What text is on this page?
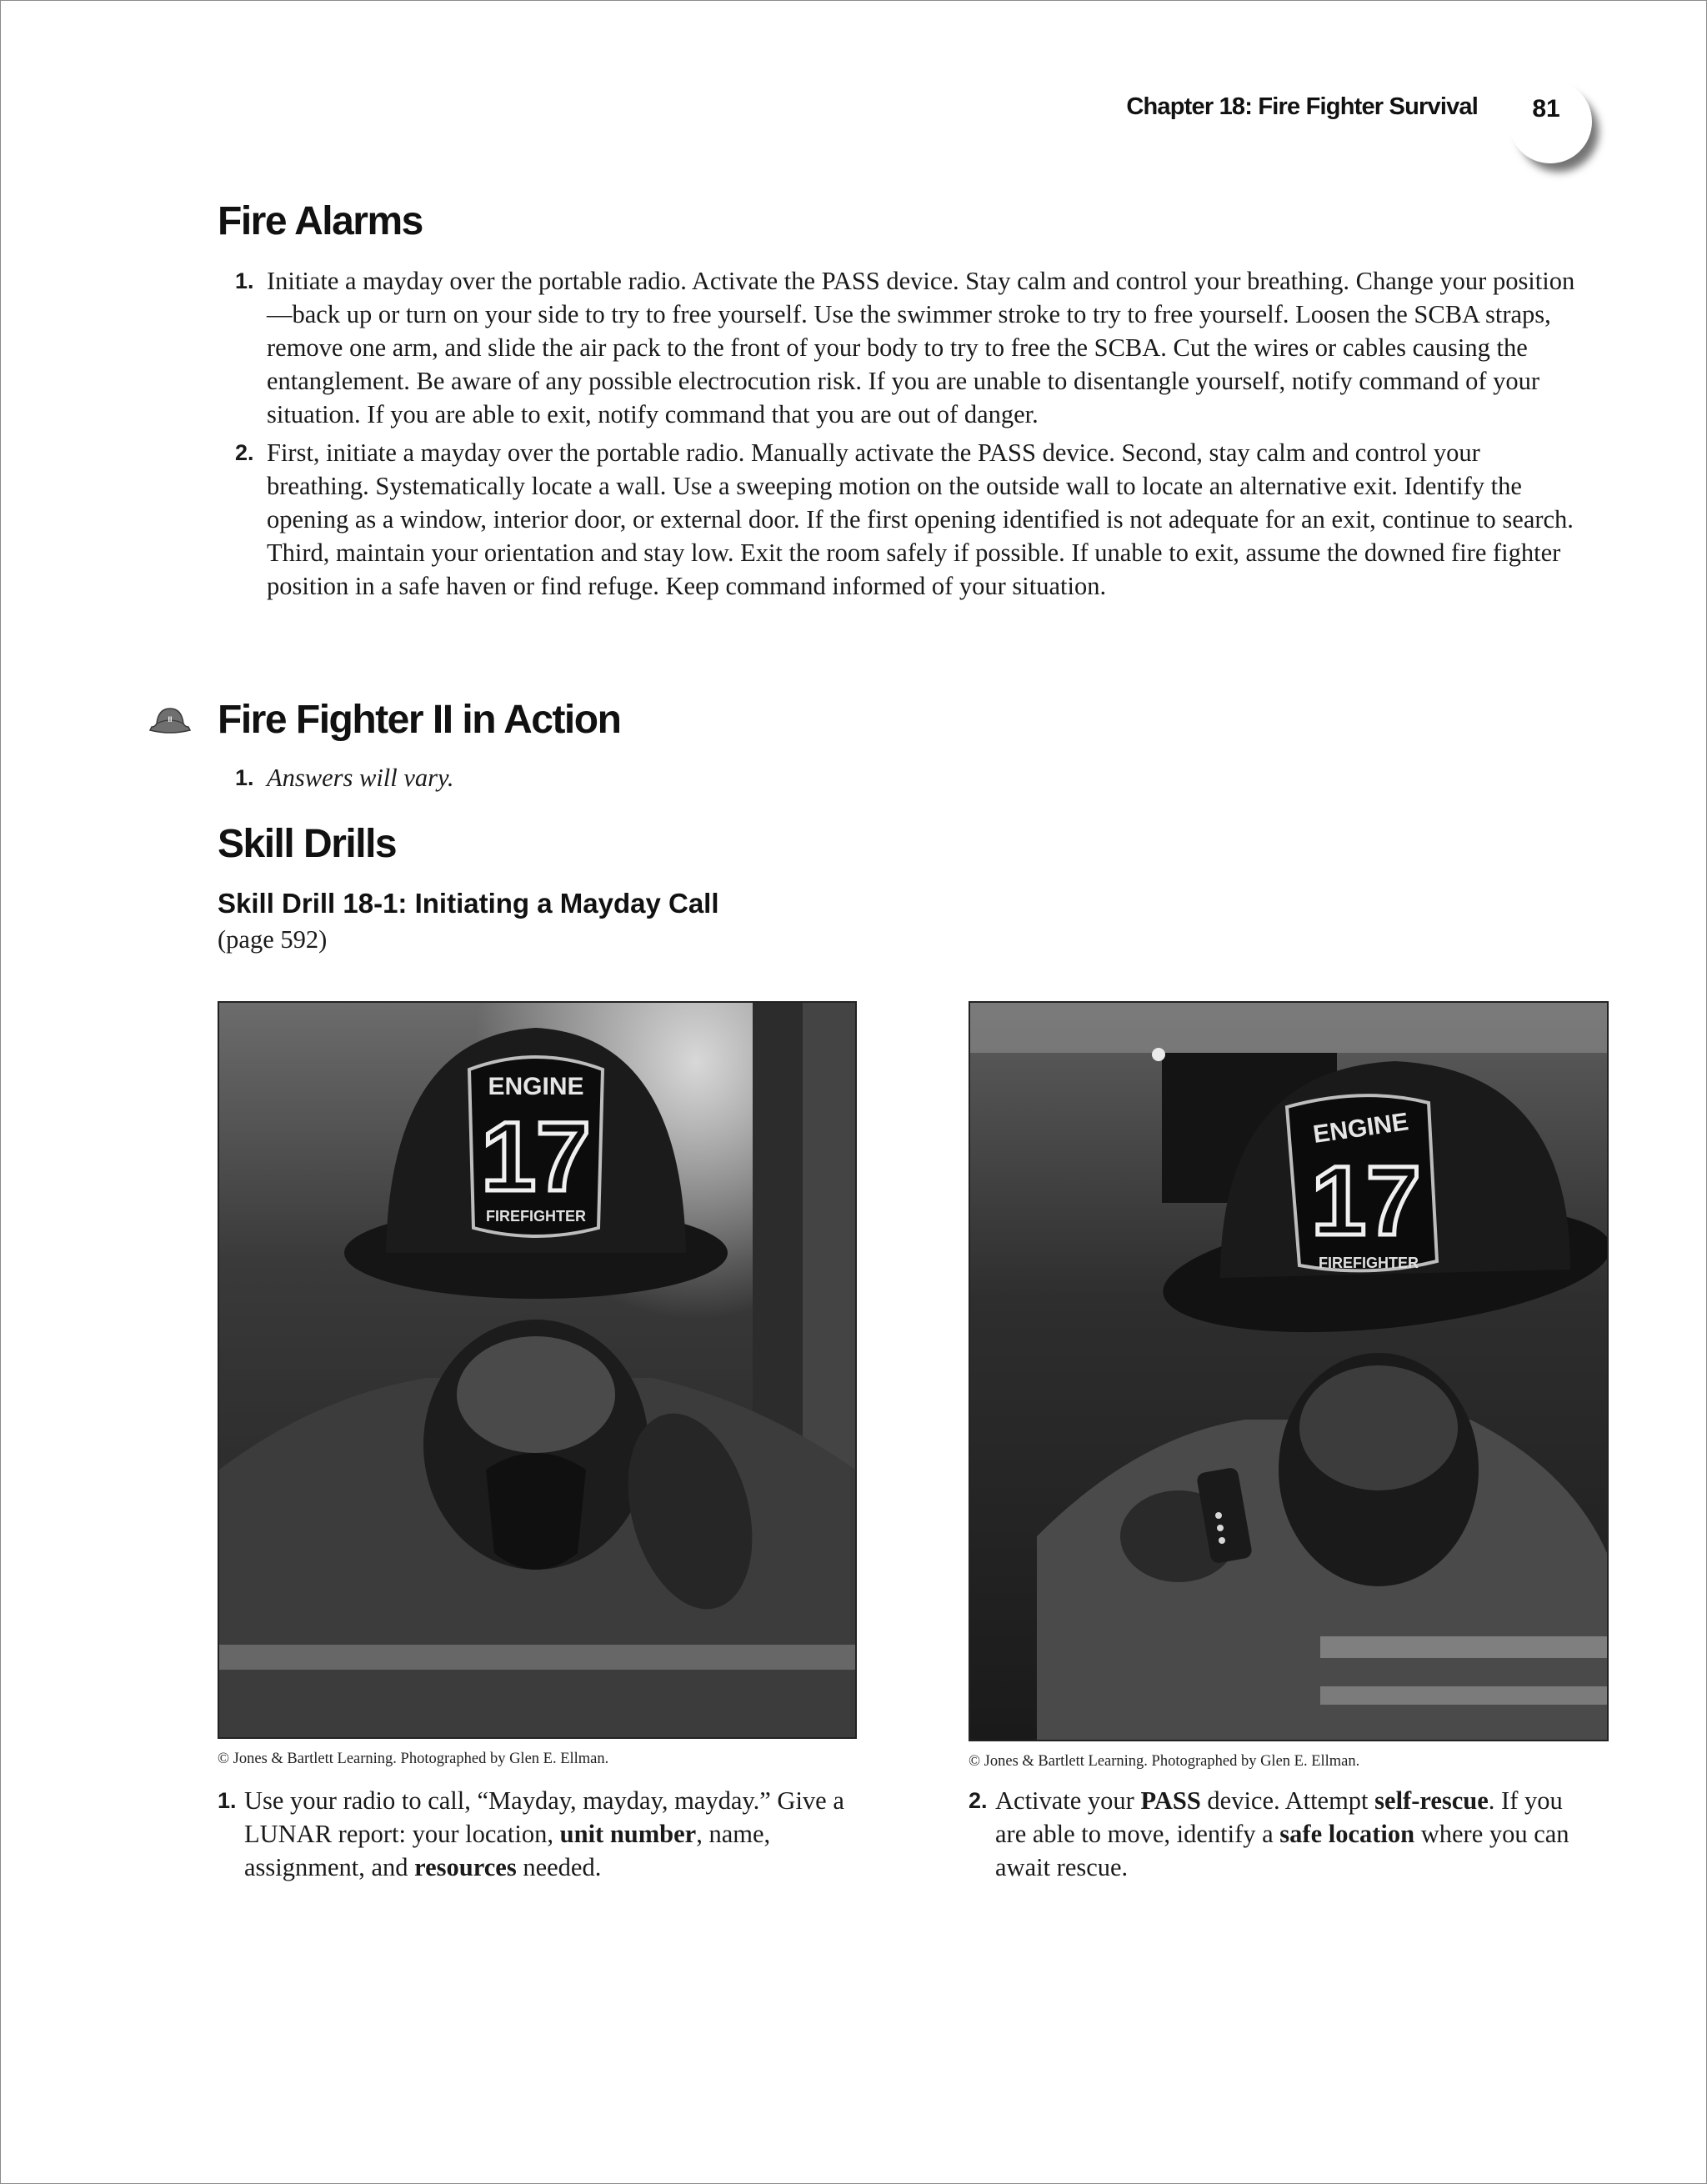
Chapter 18: Fire Fighter Survival	81
Fire Alarms
1. Initiate a mayday over the portable radio. Activate the PASS device. Stay calm and control your breathing. Change your position—back up or turn on your side to try to free yourself. Use the swimmer stroke to try to free yourself. Loosen the SCBA straps, remove one arm, and slide the air pack to the front of your body to try to free the SCBA. Cut the wires or cables causing the entanglement. Be aware of any possible electrocution risk. If you are unable to disentangle yourself, notify command of your situation. If you are able to exit, notify command that you are out of danger.
2. First, initiate a mayday over the portable radio. Manually activate the PASS device. Second, stay calm and control your breathing. Systematically locate a wall. Use a sweeping motion on the outside wall to locate an alternative exit. Identify the opening as a window, interior door, or external door. If the first opening identified is not adequate for an exit, continue to search. Third, maintain your orientation and stay low. Exit the room safely if possible. If unable to exit, assume the downed fire fighter position in a safe haven or find refuge. Keep command informed of your situation.
II Fire Fighter II in Action
1. Answers will vary.
Skill Drills
Skill Drill 18-1: Initiating a Mayday Call
(page 592)
ENGINE
17
FIREFIGHTER
© Jones & Bartlett Learning. Photographed by Glen E. Ellman.
ENGINE
17
FIREFIGHTER
© Jones & Bartlett Learning. Photographed by Glen E. Ellman.
1. Use your radio to call, “Mayday, mayday, mayday.” Give a LUNAR report: your location, unit number, name, assignment, and resources needed.
2. Activate your PASS device. Attempt self-rescue. If you are able to move, identify a safe location where you can await rescue.
